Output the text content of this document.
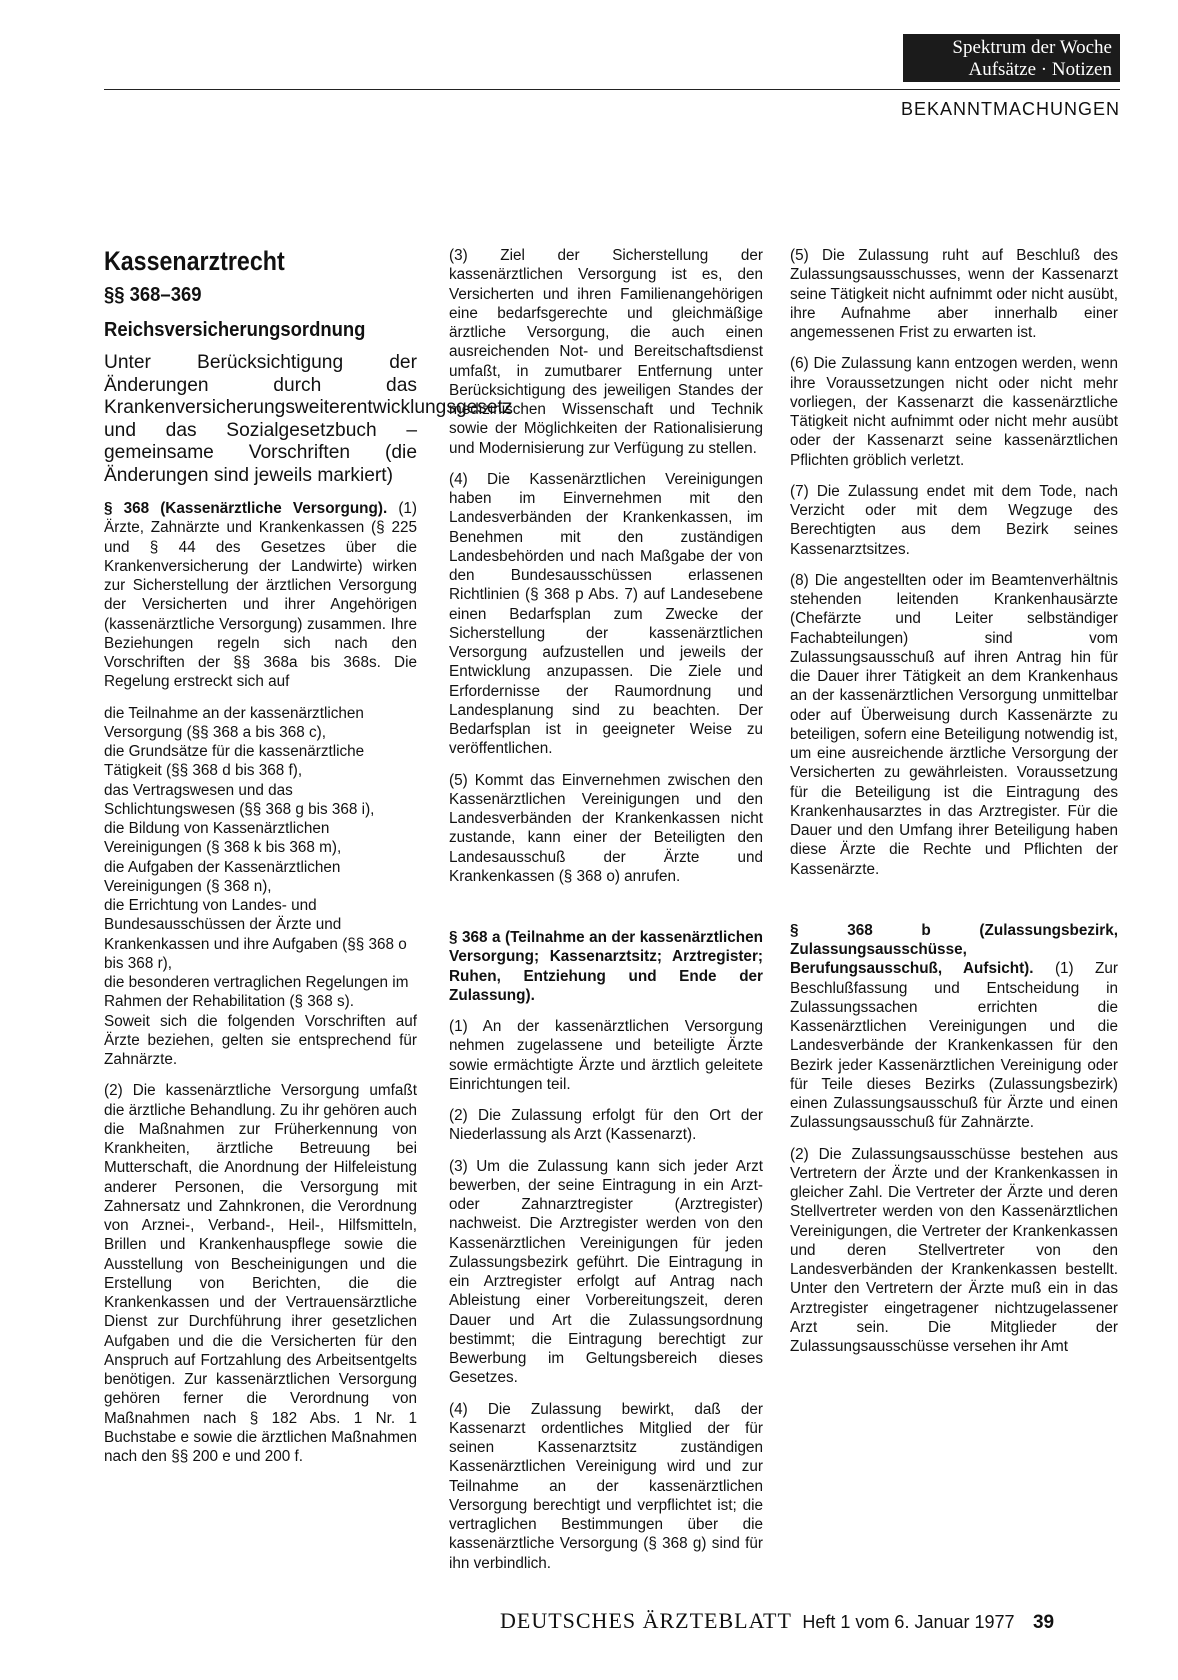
Spektrum der Woche
Aufsätze · Notizen
BEKANNTMACHUNGEN
Kassenarztrecht
§§ 368–369
Reichsversicherungsordnung

Unter Berücksichtigung der Änderungen durch das Krankenversicherungsweiterentwicklungsgesetz und das Sozialgesetzbuch – gemeinsame Vorschriften (die Änderungen sind jeweils markiert)

§ 368 (Kassenärztliche Versorgung). (1) Ärzte, Zahnärzte und Krankenkassen (§ 225 und § 44 des Gesetzes über die Krankenversicherung der Landwirte) wirken zur Sicherstellung der ärztlichen Versorgung der Versicherten und ihrer Angehörigen (kassenärztliche Versorgung) zusammen. Ihre Beziehungen regeln sich nach den Vorschriften der §§ 368a bis 368s. Die Regelung erstreckt sich auf

die Teilnahme an der kassenärztlichen Versorgung (§§ 368 a bis 368 c),

die Grundsätze für die kassenärztliche Tätigkeit (§§ 368 d bis 368 f),

das Vertragswesen und das Schlichtungswesen (§§ 368 g bis 368 i),

die Bildung von Kassenärztlichen Vereinigungen (§ 368 k bis 368 m),

die Aufgaben der Kassenärztlichen Vereinigungen (§ 368 n),

die Errichtung von Landes- und Bundesausschüssen der Ärzte und Krankenkassen und ihre Aufgaben (§§ 368 o bis 368 r),

die besonderen vertraglichen Regelungen im Rahmen der Rehabilitation (§ 368 s).

Soweit sich die folgenden Vorschriften auf Ärzte beziehen, gelten sie entsprechend für Zahnärzte.

(2) Die kassenärztliche Versorgung umfaßt die ärztliche Behandlung. Zu ihr gehören auch die Maßnahmen zur Früherkennung von Krankheiten, ärztliche Betreuung bei Mutterschaft, die Anordnung der Hilfeleistung anderer Personen, die Versorgung mit Zahnersatz und Zahnkronen, die Verordnung von Arznei-, Verband-, Heil-, Hilfsmitteln, Brillen und Krankenhauspflege sowie die Ausstellung von Bescheinigungen und die Erstellung von Berichten, die die Krankenkassen und der Vertrauensärztliche Dienst zur Durchführung ihrer gesetzlichen Aufgaben und die die Versicherten für den Anspruch auf Fortzahlung des Arbeitsentgelts benötigen. Zur kassenärztlichen Versorgung gehören ferner die Verordnung von Maßnahmen nach § 182 Abs. 1 Nr. 1 Buchstabe e sowie die ärztlichen Maßnahmen nach den §§ 200 e und 200 f.

(3) Ziel der Sicherstellung der kassenärztlichen Versorgung ist es, den Versicherten und ihren Familienangehörigen eine bedarfsgerechte und gleichmäßige ärztliche Versorgung, die auch einen ausreichenden Not- und Bereitschaftsdienst umfaßt, in zumutbarer Entfernung unter Berücksichtigung des jeweiligen Standes der medizinischen Wissenschaft und Technik sowie der Möglichkeiten der Rationalisierung und Modernisierung zur Verfügung zu stellen.

(4) Die Kassenärztlichen Vereinigungen haben im Einvernehmen mit den Landesverbänden der Krankenkassen, im Benehmen mit den zuständigen Landesbehörden und nach Maßgabe der von den Bundesausschüssen erlassenen Richtlinien (§ 368 p Abs. 7) auf Landesebene einen Bedarfsplan zum Zwecke der Sicherstellung der kassenärztlichen Versorgung aufzustellen und jeweils der Entwicklung anzupassen. Die Ziele und Erfordernisse der Raumordnung und Landesplanung sind zu beachten. Der Bedarfsplan ist in geeigneter Weise zu veröffentlichen.

(5) Kommt das Einvernehmen zwischen den Kassenärztlichen Vereinigungen und den Landesverbänden der Krankenkassen nicht zustande, kann einer der Beteiligten den Landesausschuß der Ärzte und Krankenkassen (§ 368 o) anrufen.

§ 368 a (Teilnahme an der kassenärztlichen Versorgung; Kassenarztsitz; Arztregister; Ruhen, Entziehung und Ende der Zulassung).

(1) An der kassenärztlichen Versorgung nehmen zugelassene und beteiligte Ärzte sowie ermächtigte Ärzte und ärztlich geleitete Einrichtungen teil.

(2) Die Zulassung erfolgt für den Ort der Niederlassung als Arzt (Kassenarzt).

(3) Um die Zulassung kann sich jeder Arzt bewerben, der seine Eintragung in ein Arzt- oder Zahnarztregister (Arztregister) nachweist. Die Arztregister werden von den Kassenärztlichen Vereinigungen für jeden Zulassungsbezirk geführt. Die Eintragung in ein Arztregister erfolgt auf Antrag nach Ableistung einer Vorbereitungszeit, deren Dauer und Art die Zulassungsordnung bestimmt; die Eintragung berechtigt zur Bewerbung im Geltungsbereich dieses Gesetzes.

(4) Die Zulassung bewirkt, daß der Kassenarzt ordentliches Mitglied der für seinen Kassenarztsitz zuständigen Kassenärztlichen Vereinigung wird und zur Teilnahme an der kassenärztlichen Versorgung berechtigt und verpflichtet ist; die vertraglichen Bestimmungen über die kassenärztliche Versorgung (§ 368 g) sind für ihn verbindlich.

(5) Die Zulassung ruht auf Beschluß des Zulassungsausschusses, wenn der Kassenarzt seine Tätigkeit nicht aufnimmt oder nicht ausübt, ihre Aufnahme aber innerhalb einer angemessenen Frist zu erwarten ist.

(6) Die Zulassung kann entzogen werden, wenn ihre Voraussetzungen nicht oder nicht mehr vorliegen, der Kassenarzt die kassenärztliche Tätigkeit nicht aufnimmt oder nicht mehr ausübt oder der Kassenarzt seine kassenärztlichen Pflichten gröblich verletzt.

(7) Die Zulassung endet mit dem Tode, nach Verzicht oder mit dem Wegzuge des Berechtigten aus dem Bezirk seines Kassenarztsitzes.

(8) Die angestellten oder im Beamtenverhältnis stehenden leitenden Krankenhausärzte (Chefärzte und Leiter selbständiger Fachabteilungen) sind vom Zulassungsausschuß auf ihren Antrag hin für die Dauer ihrer Tätigkeit an dem Krankenhaus an der kassenärztlichen Versorgung unmittelbar oder auf Überweisung durch Kassenärzte zu beteiligen, sofern eine Beteiligung notwendig ist, um eine ausreichende ärztliche Versorgung der Versicherten zu gewährleisten. Voraussetzung für die Beteiligung ist die Eintragung des Krankenhausarztes in das Arztregister. Für die Dauer und den Umfang ihrer Beteiligung haben diese Ärzte die Rechte und Pflichten der Kassenärzte.

§ 368 b (Zulassungsbezirk, Zulassungsausschüsse, Berufungsausschuß, Aufsicht). (1) Zur Beschlußfassung und Entscheidung in Zulassungssachen errichten die Kassenärztlichen Vereinigungen und die Landesverbände der Krankenkassen für den Bezirk jeder Kassenärztlichen Vereinigung oder für Teile dieses Bezirks (Zulassungsbezirk) einen Zulassungsausschuß für Ärzte und einen Zulassungsausschuß für Zahnärzte.

(2) Die Zulassungsausschüsse bestehen aus Vertretern der Ärzte und der Krankenkassen in gleicher Zahl. Die Vertreter der Ärzte und deren Stellvertreter werden von den Kassenärztlichen Vereinigungen, die Vertreter der Krankenkassen und deren Stellvertreter von den Landesverbänden der Krankenkassen bestellt. Unter den Vertretern der Ärzte muß ein in das Arztregister eingetragener nichtzugelassener Arzt sein. Die Mitglieder der Zulassungsausschüsse versehen ihr Amt

DEUTSCHES ÄRZTEBLATT Heft 1 vom 6. Januar 1977 39
